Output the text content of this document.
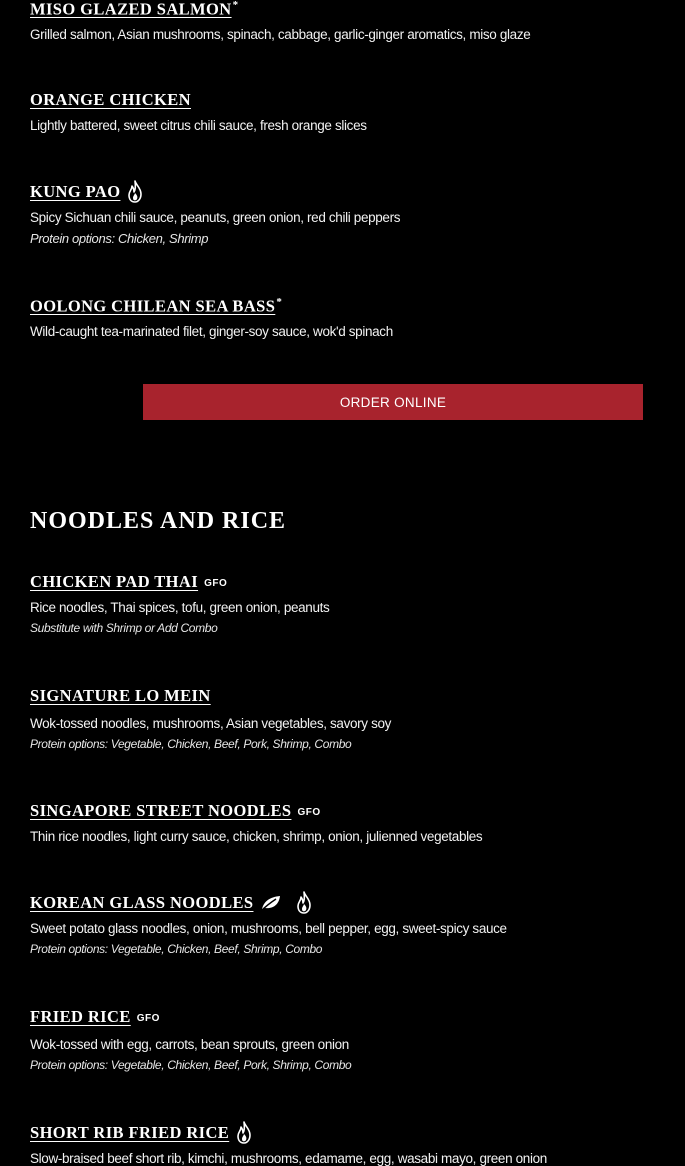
MISO GLAZED SALMON*
Grilled salmon, Asian mushrooms, spinach, cabbage, garlic-ginger aromatics, miso glaze
ORANGE CHICKEN
Lightly battered, sweet citrus chili sauce, fresh orange slices
KUNG PAO
Spicy Sichuan chili sauce, peanuts, green onion, red chili peppers
Protein options: Chicken, Shrimp
OOLONG CHILEAN SEA BASS*
Wild-caught tea-marinated filet, ginger-soy sauce, wok'd spinach
ORDER ONLINE
NOODLES AND RICE
CHICKEN PAD THAI GFO
Rice noodles, Thai spices, tofu, green onion, peanuts
Substitute with Shrimp or Add Combo
SIGNATURE LO MEIN
Wok-tossed noodles, mushrooms, Asian vegetables, savory soy
Protein options: Vegetable, Chicken, Beef, Pork, Shrimp, Combo
SINGAPORE STREET NOODLES GFO
Thin rice noodles, light curry sauce, chicken, shrimp, onion, julienned vegetables
KOREAN GLASS NOODLES
Sweet potato glass noodles, onion, mushrooms, bell pepper, egg, sweet-spicy sauce
Protein options: Vegetable, Chicken, Beef, Shrimp, Combo
FRIED RICE GFO
Wok-tossed with egg, carrots, bean sprouts, green onion
Protein options: Vegetable, Chicken, Beef, Pork, Shrimp, Combo
SHORT RIB FRIED RICE
Slow-braised beef short rib, kimchi, mushrooms, edamame, egg, wasabi mayo, green onion
